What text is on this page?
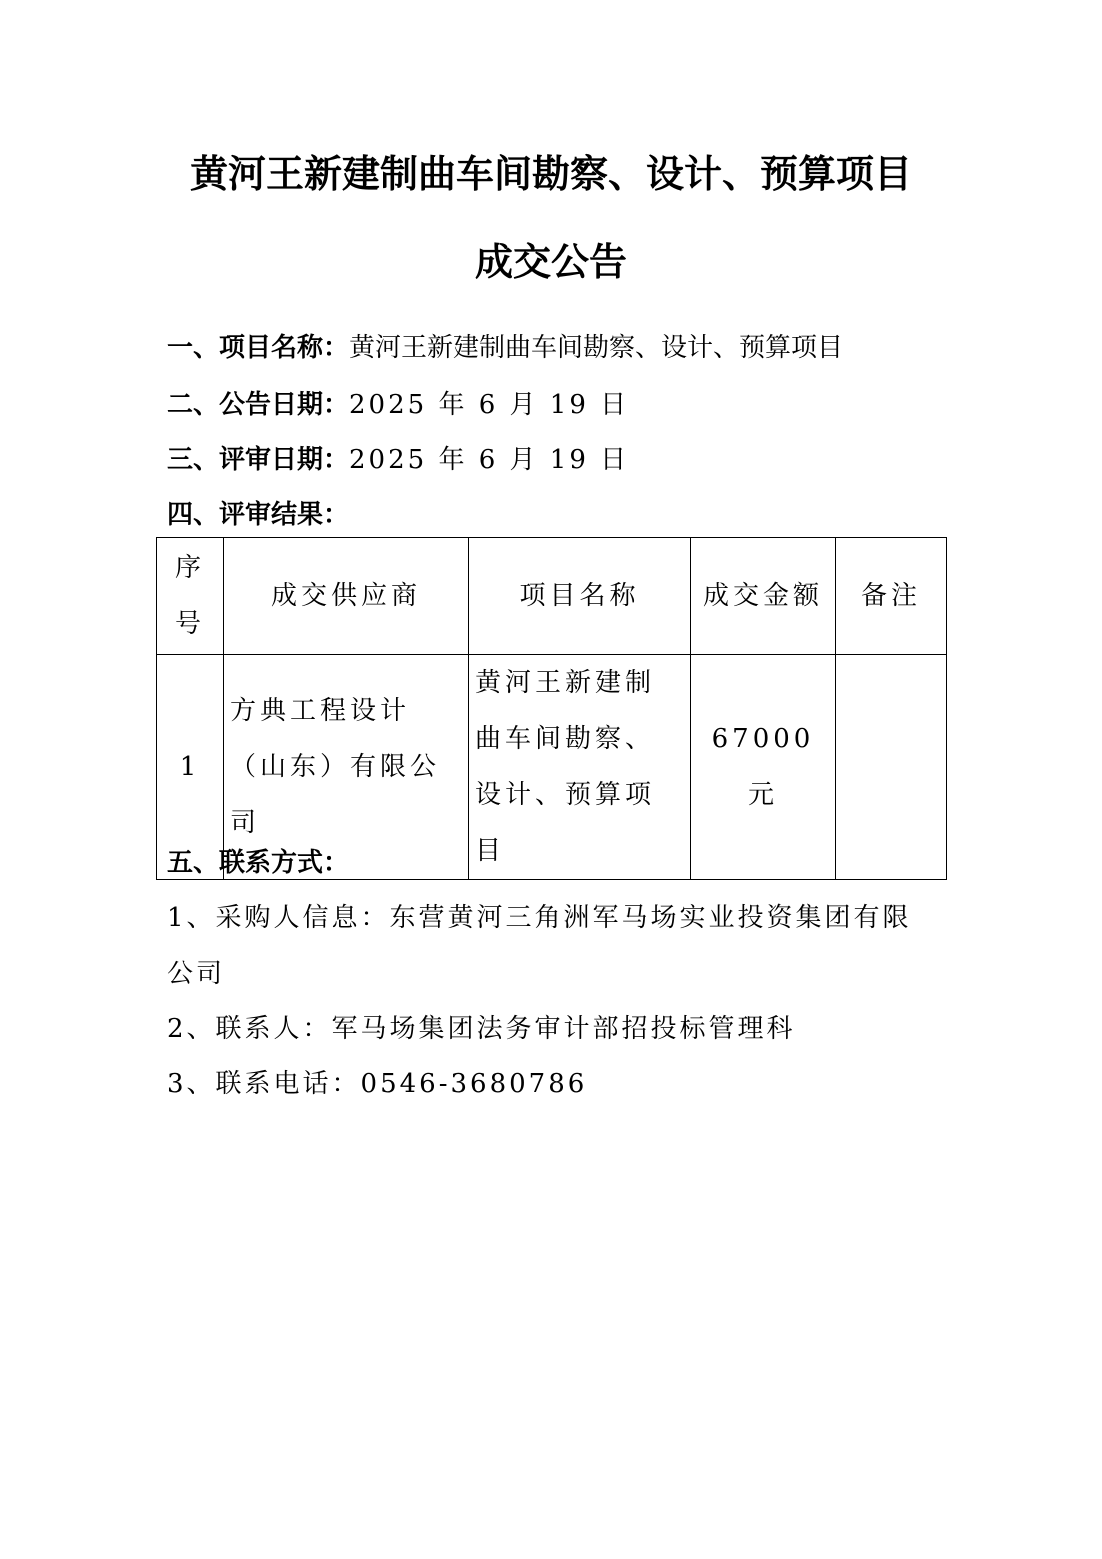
黄河王新建制曲车间勘察、设计、预算项目
成交公告
一、项目名称：黄河王新建制曲车间勘察、设计、预算项目
二、公告日期：2025 年 6 月 19 日
三、评审日期：2025 年 6 月 19 日
四、评审结果：
序号	成交供应商	项目名称	成交金额	备注
1	方典工程设计（山东）有限公司	黄河王新建制曲车间勘察、设计、预算项目	67000 元	
五、联系方式：
1、采购人信息：东营黄河三角洲军马场实业投资集团有限
公司
2、联系人：军马场集团法务审计部招投标管理科
3、联系电话：0546-3680786
